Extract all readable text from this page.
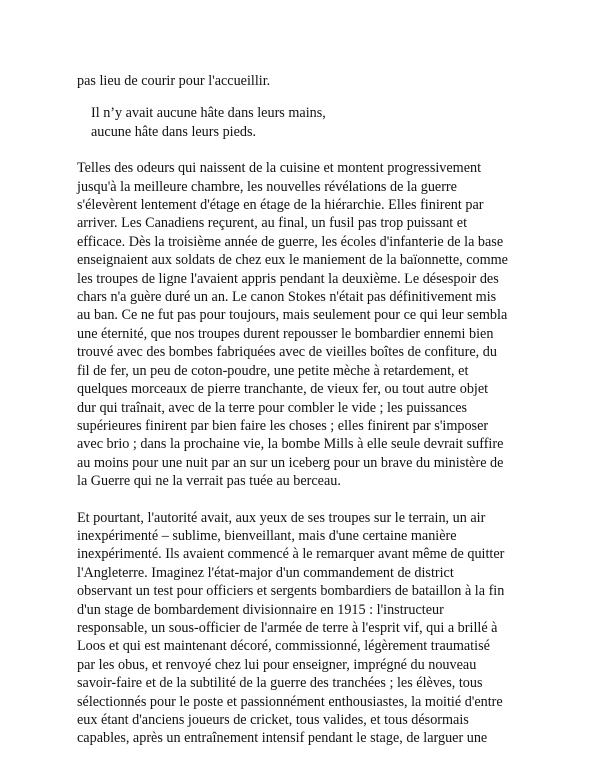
pas lieu de courir pour l'accueillir.

Il n’y avait aucune hâte dans leurs mains,
aucune hâte dans leurs pieds.

Telles des odeurs qui naissent de la cuisine et montent progressivement
jusqu'à la meilleure chambre, les nouvelles révélations de la guerre
s'élevèrent lentement d'étage en étage de la hiérarchie. Elles finirent par
arriver. Les Canadiens reçurent, au final, un fusil pas trop puissant et
efficace. Dès la troisième année de guerre, les écoles d'infanterie de la base
enseignaient aux soldats de chez eux le maniement de la baïonnette, comme
les troupes de ligne l'avaient appris pendant la deuxième. Le désespoir des
chars n'a guère duré un an. Le canon Stokes n'était pas définitivement mis
au ban. Ce ne fut pas pour toujours, mais seulement pour ce qui leur sembla
une éternité, que nos troupes durent repousser le bombardier ennemi bien
trouvé avec des bombes fabriquées avec de vieilles boîtes de confiture, du
fil de fer, un peu de coton-poudre, une petite mèche à retardement, et
quelques morceaux de pierre tranchante, de vieux fer, ou tout autre objet
dur qui traînait, avec de la terre pour combler le vide ; les puissances
supérieures finirent par bien faire les choses ; elles finirent par s'imposer
avec brio ; dans la prochaine vie, la bombe Mills à elle seule devrait suffire
au moins pour une nuit par an sur un iceberg pour un brave du ministère de
la Guerre qui ne la verrait pas tuée au berceau.

Et pourtant, l'autorité avait, aux yeux de ses troupes sur le terrain, un air
inexpérimenté – sublime, bienveillant, mais d'une certaine manière
inexpérimenté. Ils avaient commencé à le remarquer avant même de quitter
l'Angleterre. Imaginez l'état-major d'un commandement de district
observant un test pour officiers et sergents bombardiers de bataillon à la fin
d'un stage de bombardement divisionnaire en 1915 : l'instructeur
responsable, un sous-officier de l'armée de terre à l'esprit vif, qui a brillé à
Loos et qui est maintenant décoré, commissionné, légèrement traumatisé
par les obus, et renvoyé chez lui pour enseigner, imprégné du nouveau
savoir-faire et de la subtilité de la guerre des tranchées ; les élèves, tous
sélectionnés pour le poste et passionnément enthousiastes, la moitié d'entre
eux étant d'anciens joueurs de cricket, tous valides, et tous désormais
capables, après un entraînement intensif pendant le stage, de larguer une
